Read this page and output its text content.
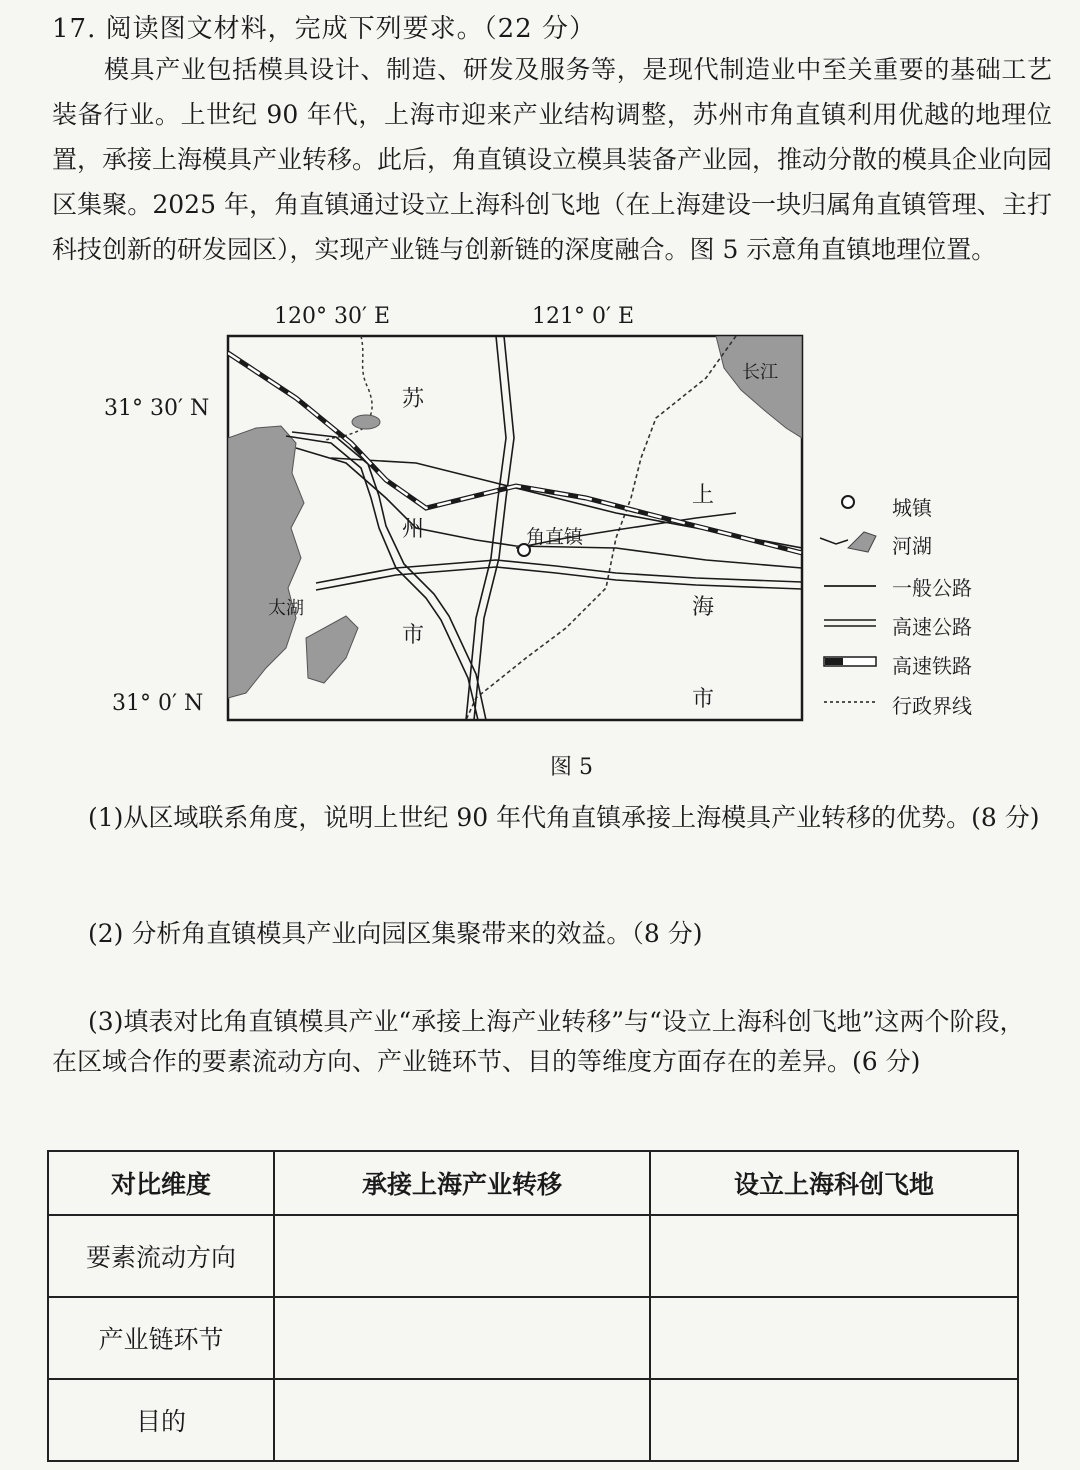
17. 阅读图文材料，完成下列要求。（22 分）

模具产业包括模具设计、制造、研发及服务等，是现代制造业中至关重要的基础工艺装备行业。上世纪 90 年代，上海市迎来产业结构调整，苏州市角直镇利用优越的地理位置，承接上海模具产业转移。此后，角直镇设立模具装备产业园，推动分散的模具企业向园区集聚。2025 年，角直镇通过设立上海科创飞地（在上海建设一块归属角直镇管理、主打科技创新的研发园区），实现产业链与创新链的深度融合。图 5 示意角直镇地理位置。

120° 30′ E	121° 0′ E
31° 30′ N
31° 0′ N
苏
州
市
上
海
市
长江
太湖
角直镇
城镇
河湖
一般公路
高速公路
高速铁路
行政界线
图 5

(1)从区域联系角度，说明上世纪 90 年代角直镇承接上海模具产业转移的优势。(8 分)

(2) 分析角直镇模具产业向园区集聚带来的效益。（8 分)

(3)填表对比角直镇模具产业“承接上海产业转移”与“设立上海科创飞地”这两个阶段，在区域合作的要素流动方向、产业链环节、目的等维度方面存在的差异。(6 分)

对比维度	承接上海产业转移	设立上海科创飞地
要素流动方向		
产业链环节		
目的		
